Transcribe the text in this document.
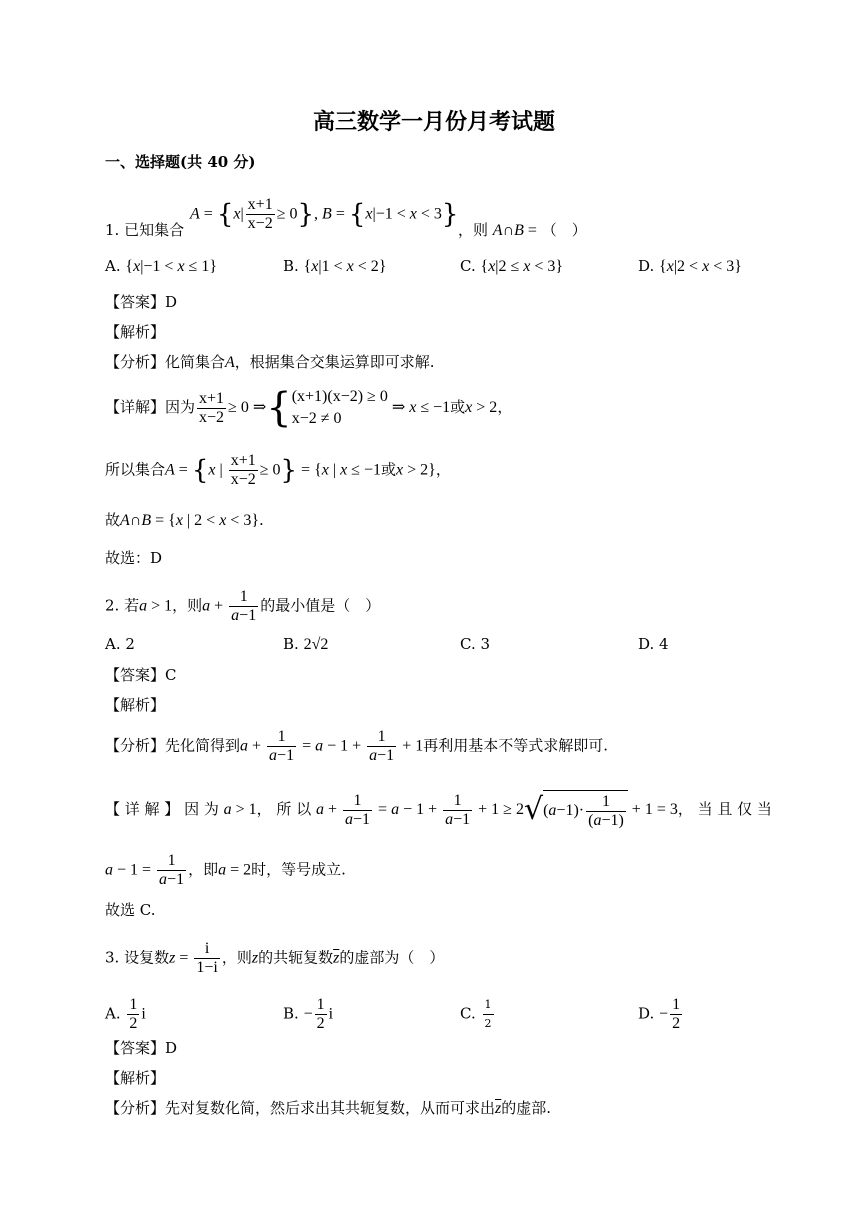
高三数学一月份月考试题
一、选择题(共 40 分)
$A = \{x| \frac{x+1}{x-2} \ge 0\}$, B = {x|−1 < x < 3}
1. 已知集合	，则 A∩B = （　）
A. {x|−1 < x ≤ 1}	B. {x|1 < x < 2}	C. {x|2 ≤ x < 3}	D. {x|2 < x < 3}
【答案】D
【解析】
【分析】化简集合A，根据集合交集运算即可求解.
【详解】因为 $\frac{x+1}{x-2} \ge 0$ ⇒{ (x+1)(x−2) ≥ 0
x−2 ≠ 0
⇒ x ≤ −1或x > 2，
所以集合A = {x | $\frac{x+1}{x-2} \ge 0\} = \{x$ | x ≤ −1或x > 2}，
故A∩B = {x | 2 < x < 3}.
故选：D
2. 若a > 1，则$a + \frac{1}{a-1}$ 的最小值是（　）
A. 2	B. 2√2	C. 3	D. 4
【答案】C
【解析】
【分析】先化简得到$a + \frac{1}{a-1} = a - 1 + \frac{1}{a-1} + 1$再利用基本不等式求解即可.
【 详 解 】 因 为 a > 1， 所 以 $a + \frac{1}{a-1} = a - 1 + \frac{1}{a-1} + 1 \ge 2√(a-1)\cdot \frac{1}{(a-1)} + 1 = 3$， 当 且 仅 当
$a - 1 = \frac{1}{a-1}$ ，即a = 2时，等号成立.
故选 C.
3. 设复数$z = \frac{i}{1-i}$ ，则z的共轭复数$\overline{z}$的虚部为（　）
A. $\frac{1}{2}$ i	B. − $\frac{1}{2}$ i	C. $\frac{1}{2}$	D. − $\frac{1}{2}$
【答案】D
【解析】
【分析】先对复数化简，然后求出其共轭复数，从而可求出$\overline{z}$的虚部.
